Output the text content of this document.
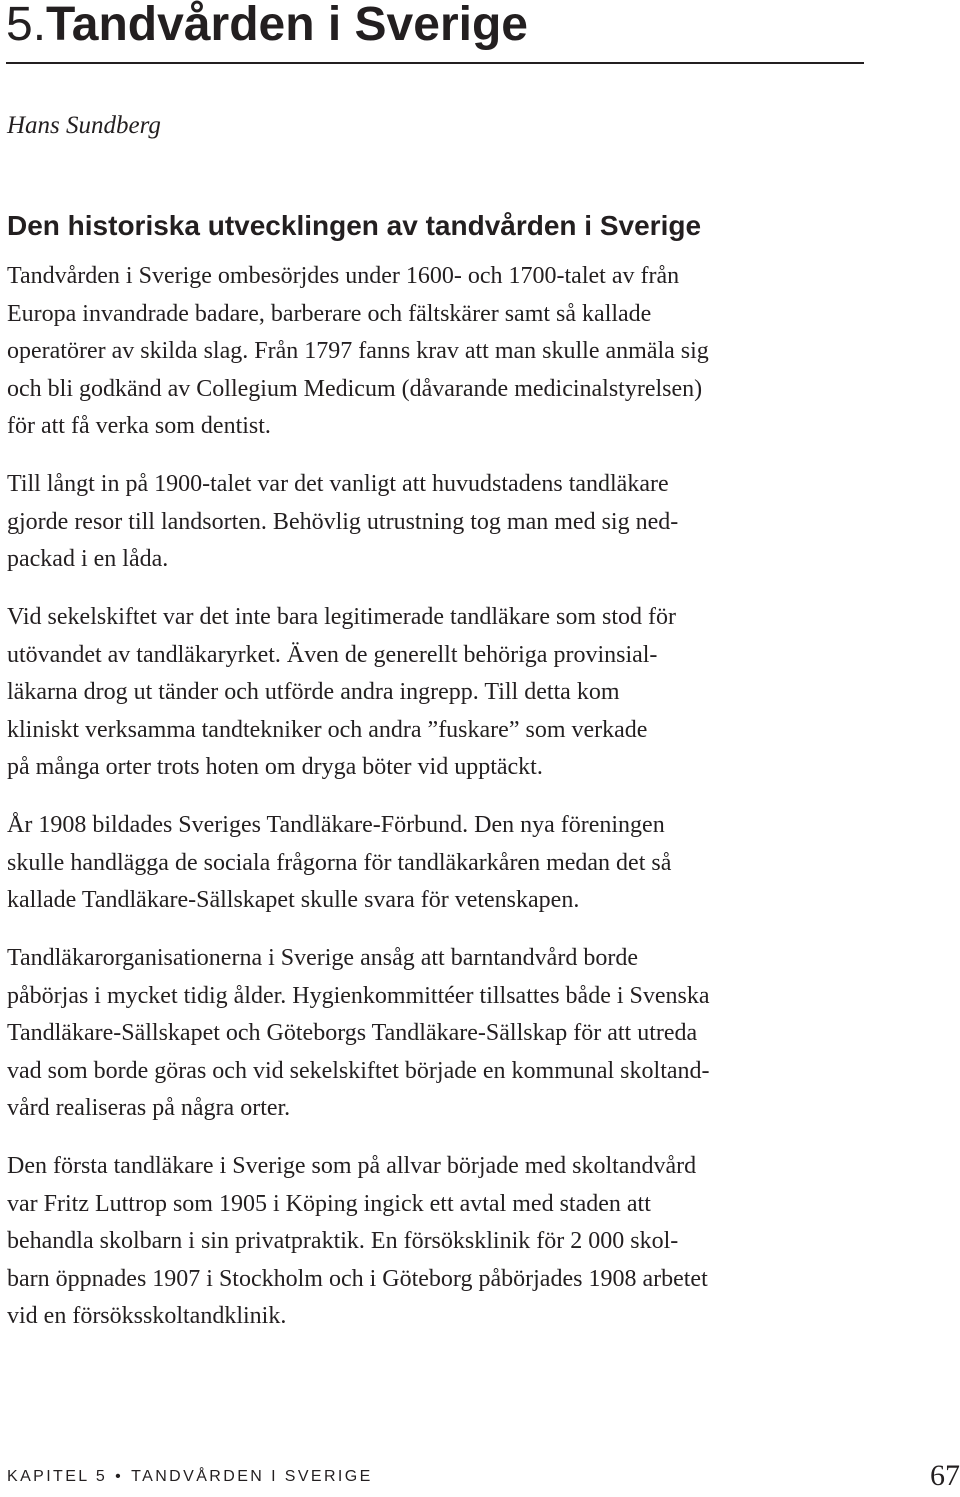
5.Tandvården i Sverige
Hans Sundberg
Den historiska utvecklingen av tandvården i Sverige
Tandvården i Sverige ombesörjdes under 1600- och 1700-talet av från
Europa invandrade badare, barberare och fältskärer samt så kallade
operatörer av skilda slag. Från 1797 fanns krav att man skulle anmäla sig
och bli godkänd av Collegium Medicum (dåvarande medicinalstyrelsen)
för att få verka som dentist.
Till långt in på 1900-talet var det vanligt att huvudstadens tandläkare
gjorde resor till landsorten. Behövlig utrustning tog man med sig ned-
packad i en låda.
Vid sekelskiftet var det inte bara legitimerade tandläkare som stod för
utövandet av tandläkaryrket. Även de generellt behöriga provinsial-
läkarna drog ut tänder och utförde andra ingrepp. Till detta kom
kliniskt verksamma tandtekniker och andra ”fuskare” som verkade
på många orter trots hoten om dryga böter vid upptäckt.
År 1908 bildades Sveriges Tandläkare-Förbund. Den nya föreningen
skulle handlägga de sociala frågorna för tandläkarkåren medan det så
kallade Tandläkare-Sällskapet skulle svara för vetenskapen.
Tandläkarorganisationerna i Sverige ansåg att barntandvård borde
påbörjas i mycket tidig ålder. Hygienkommittéer tillsattes både i Svenska
Tandläkare-Sällskapet och Göteborgs Tandläkare-Sällskap för att utreda
vad som borde göras och vid sekelskiftet började en kommunal skoltand-
vård realiseras på några orter.
Den första tandläkare i Sverige som på allvar började med skoltandvård
var Fritz Luttrop som 1905 i Köping ingick ett avtal med staden att
behandla skolbarn i sin privatpraktik. En försöksklinik för 2 000 skol-
barn öppnades 1907 i Stockholm och i Göteborg påbörjades 1908 arbetet
vid en försöksskoltandklinik.
KAPITEL 5 • TANDVÅRDEN I SVERIGE	67
